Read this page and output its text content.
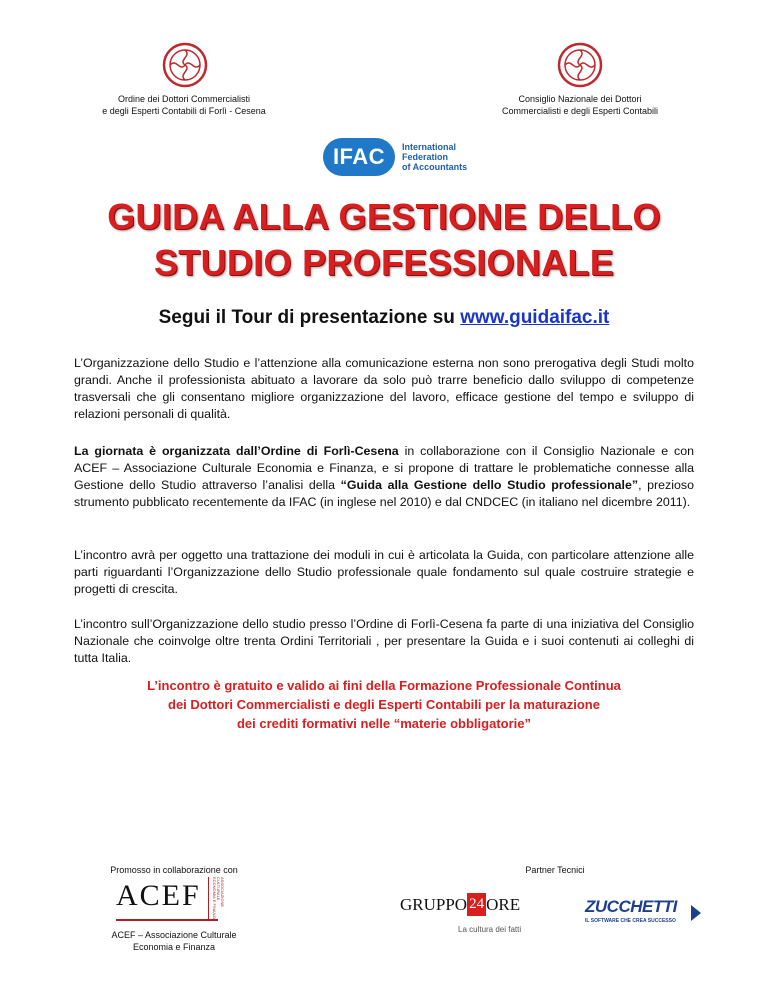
Ordine dei Dottori Commercialisti
e degli Esperti Contabili di Forlì - Cesena
Consiglio Nazionale dei Dottori
Commercialisti e degli Esperti Contabili
IFAC	International
Federation
of Accountants
GUIDA ALLA GESTIONE DELLO
STUDIO PROFESSIONALE
Segui il Tour di presentazione su www.guidaifac.it
L’Organizzazione dello Studio e l’attenzione alla comunicazione esterna non sono prerogativa degli Studi molto grandi. Anche il professionista abituato a lavorare da solo può trarre beneficio dallo sviluppo di competenze trasversali che gli consentano migliore organizzazione del lavoro, efficace gestione del tempo e sviluppo di relazioni personali di qualità.
La giornata è organizzata dall’Ordine di Forlì-Cesena in collaborazione con il Consiglio Nazionale e con ACEF – Associazione Culturale Economia e Finanza, e si propone di trattare le problematiche connesse alla Gestione dello Studio attraverso l’analisi della “Guida alla Gestione dello Studio professionale”, prezioso strumento pubblicato recentemente da IFAC (in inglese nel 2010) e dal CNDCEC (in italiano nel dicembre 2011).
L’incontro avrà per oggetto una trattazione dei moduli in cui è articolata la Guida, con particolare attenzione alle parti riguardanti l’Organizzazione dello Studio professionale quale fondamento sul quale costruire strategie e progetti di crescita.
L’incontro sull’Organizzazione dello studio presso l’Ordine di Forlì-Cesena fa parte di una iniziativa del Consiglio Nazionale che coinvolge oltre trenta Ordini Territoriali , per presentare la Guida e i suoi contenuti ai colleghi di tutta Italia.
L’incontro è gratuito e valido ai fini della Formazione Professionale Continua
dei Dottori Commercialisti e degli Esperti Contabili per la maturazione
dei crediti formativi nelle “materie obbligatorie”
Promosso in collaborazione con	Partner Tecnici
ACEF	ASSOCIAZIONE CULTURALE ECONOMIA E FINANZA
ACEF – Associazione Culturale
Economia e Finanza
GRUPPO 24 ORE
La cultura dei fatti
ZUCCHETTI
IL SOFTWARE CHE CREA SUCCESSO
